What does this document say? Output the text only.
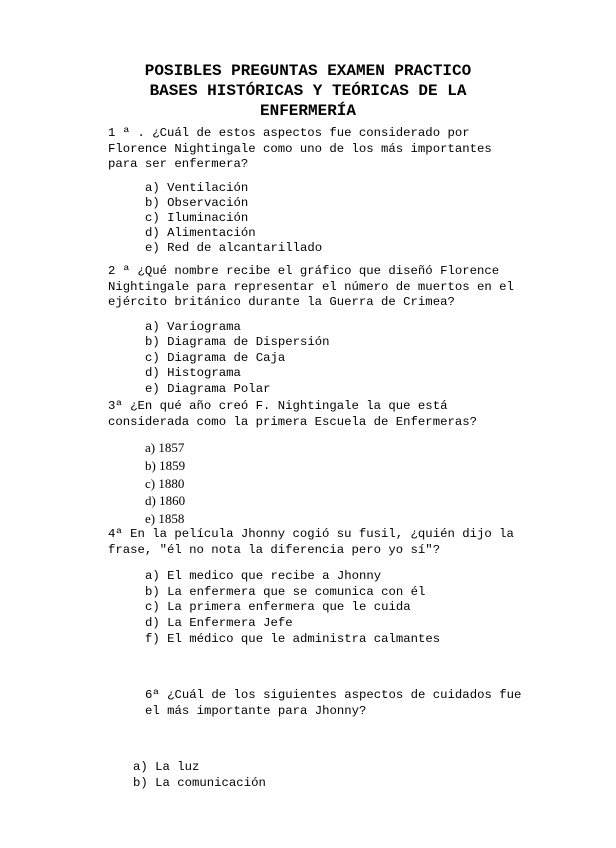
POSIBLES PREGUNTAS EXAMEN PRACTICO
BASES HISTÓRICAS Y TEÓRICAS DE LA
ENFERMERÍA
1 ª . ¿Cuál de estos aspectos fue considerado por Florence Nightingale como uno de los más importantes para ser enfermera?
a) Ventilación
b) Observación
c) Iluminación
d) Alimentación
e) Red de alcantarillado
2 ª ¿Qué nombre recibe el gráfico que diseñó Florence Nightingale para representar el número de muertos en el ejército británico durante la Guerra de Crimea?
a) Variograma
b) Diagrama de Dispersión
c) Diagrama de Caja
d) Histograma
e) Diagrama Polar
3ª ¿En qué año creó F. Nightingale la que está considerada como la primera Escuela de Enfermeras?
a) 1857
b) 1859
c) 1880
d) 1860
e) 1858
4ª En la película Jhonny cogió su fusil, ¿quién dijo la frase, "él no nota la diferencia pero yo sí"?
a) El medico que recibe a Jhonny
b) La enfermera que se comunica con él
c) La primera enfermera que le cuida
d) La Enfermera Jefe
f) El médico que le administra calmantes
6ª ¿Cuál de los siguientes aspectos de cuidados fue el más importante para Jhonny?
a) La luz
b) La comunicación
